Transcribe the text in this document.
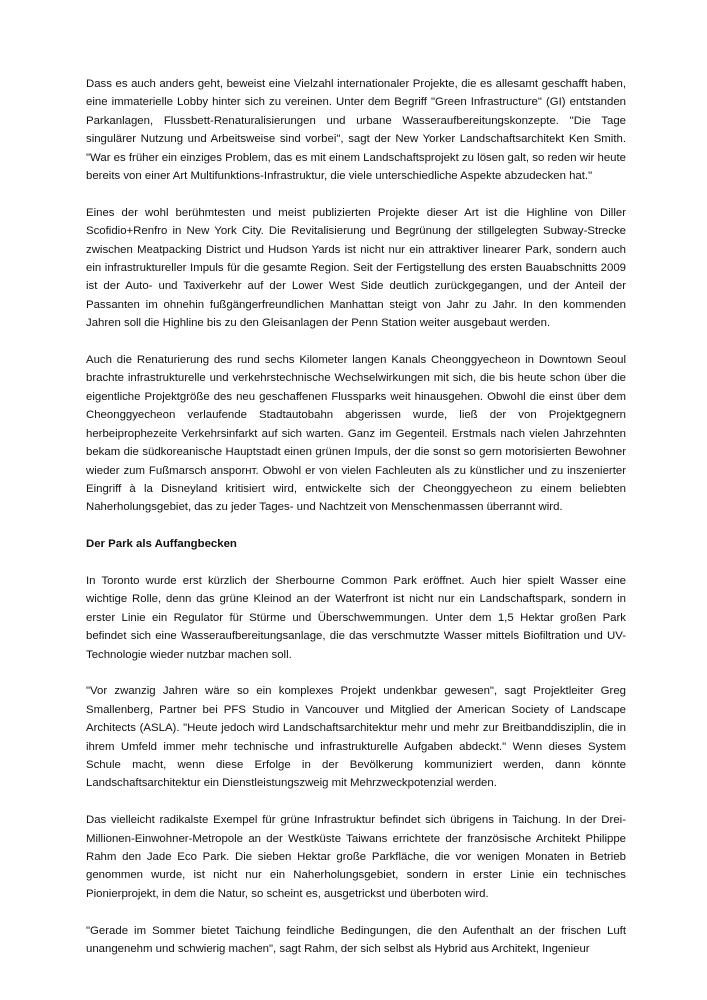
Dass es auch anders geht, beweist eine Vielzahl internationaler Projekte, die es allesamt geschafft haben, eine immaterielle Lobby hinter sich zu vereinen. Unter dem Begriff "Green Infrastructure" (GI) entstanden Parkanlagen, Flussbett-Renaturalisierungen und urbane Wasseraufbereitungskonzepte. "Die Tage singulärer Nutzung und Arbeitsweise sind vorbei", sagt der New Yorker Landschaftsarchitekt Ken Smith. "War es früher ein einziges Problem, das es mit einem Landschaftsprojekt zu lösen galt, so reden wir heute bereits von einer Art Multifunktions-Infrastruktur, die viele unterschiedliche Aspekte abzudecken hat."

Eines der wohl berühmtesten und meist publizierten Projekte dieser Art ist die Highline von Diller Scofidio+Renfro in New York City. Die Revitalisierung und Begrünung der stillgelegten Subway-Strecke zwischen Meatpacking District und Hudson Yards ist nicht nur ein attraktiver linearer Park, sondern auch ein infrastruktureller Impuls für die gesamte Region. Seit der Fertigstellung des ersten Bauabschnitts 2009 ist der Auto- und Taxiverkehr auf der Lower West Side deutlich zurückgegangen, und der Anteil der Passanten im ohnehin fußgängerfreundlichen Manhattan steigt von Jahr zu Jahr. In den kommenden Jahren soll die Highline bis zu den Gleisanlagen der Penn Station weiter ausgebaut werden.

Auch die Renaturierung des rund sechs Kilometer langen Kanals Cheonggyecheon in Downtown Seoul brachte infrastrukturelle und verkehrstechnische Wechselwirkungen mit sich, die bis heute schon über die eigentliche Projektgröße des neu geschaffenen Flussparks weit hinausgehen. Obwohl die einst über dem Cheonggyecheon verlaufende Stadtautobahn abgerissen wurde, ließ der von Projektgegnern herbeiprophezeite Verkehrsinfarkt auf sich warten. Ganz im Gegenteil. Erstmals nach vielen Jahrzehnten bekam die südkoreanische Hauptstadt einen grünen Impuls, der die sonst so gern motorisierten Bewohner wieder zum Fußmarsch ansporнт. Obwohl er von vielen Fachleuten als zu künstlicher und zu inszenierter Eingriff à la Disneyland kritisiert wird, entwickelte sich der Cheonggyecheon zu einem beliebten Naherholungsgebiet, das zu jeder Tages- und Nachtzeit von Menschenmassen überrannt wird.

Der Park als Auffangbecken

In Toronto wurde erst kürzlich der Sherbourne Common Park eröffnet. Auch hier spielt Wasser eine wichtige Rolle, denn das grüne Kleinod an der Waterfront ist nicht nur ein Landschaftspark, sondern in erster Linie ein Regulator für Stürme und Überschwemmungen. Unter dem 1,5 Hektar großen Park befindet sich eine Wasseraufbereitungsanlage, die das verschmutzte Wasser mittels Biofiltration und UV-Technologie wieder nutzbar machen soll.

"Vor zwanzig Jahren wäre so ein komplexes Projekt undenkbar gewesen", sagt Projektleiter Greg Smallenberg, Partner bei PFS Studio in Vancouver und Mitglied der American Society of Landscape Architects (ASLA). "Heute jedoch wird Landschaftsarchitektur mehr und mehr zur Breitbanddisziplin, die in ihrem Umfeld immer mehr technische und infrastrukturelle Aufgaben abdeckt." Wenn dieses System Schule macht, wenn diese Erfolge in der Bevölkerung kommuniziert werden, dann könnte Landschaftsarchitektur ein Dienstleistungszweig mit Mehrzweckpotenzial werden.

Das vielleicht radikalste Exempel für grüne Infrastruktur befindet sich übrigens in Taichung. In der Drei-Millionen-Einwohner-Metropole an der Westküste Taiwans errichtete der französische Architekt Philippe Rahm den Jade Eco Park. Die sieben Hektar große Parkfläche, die vor wenigen Monaten in Betrieb genommen wurde, ist nicht nur ein Naherholungsgebiet, sondern in erster Linie ein technisches Pionierprojekt, in dem die Natur, so scheint es, ausgetrickst und überboten wird.

"Gerade im Sommer bietet Taichung feindliche Bedingungen, die den Aufenthalt an der frischen Luft unangenehm und schwierig machen", sagt Rahm, der sich selbst als Hybrid aus Architekt, Ingenieur
